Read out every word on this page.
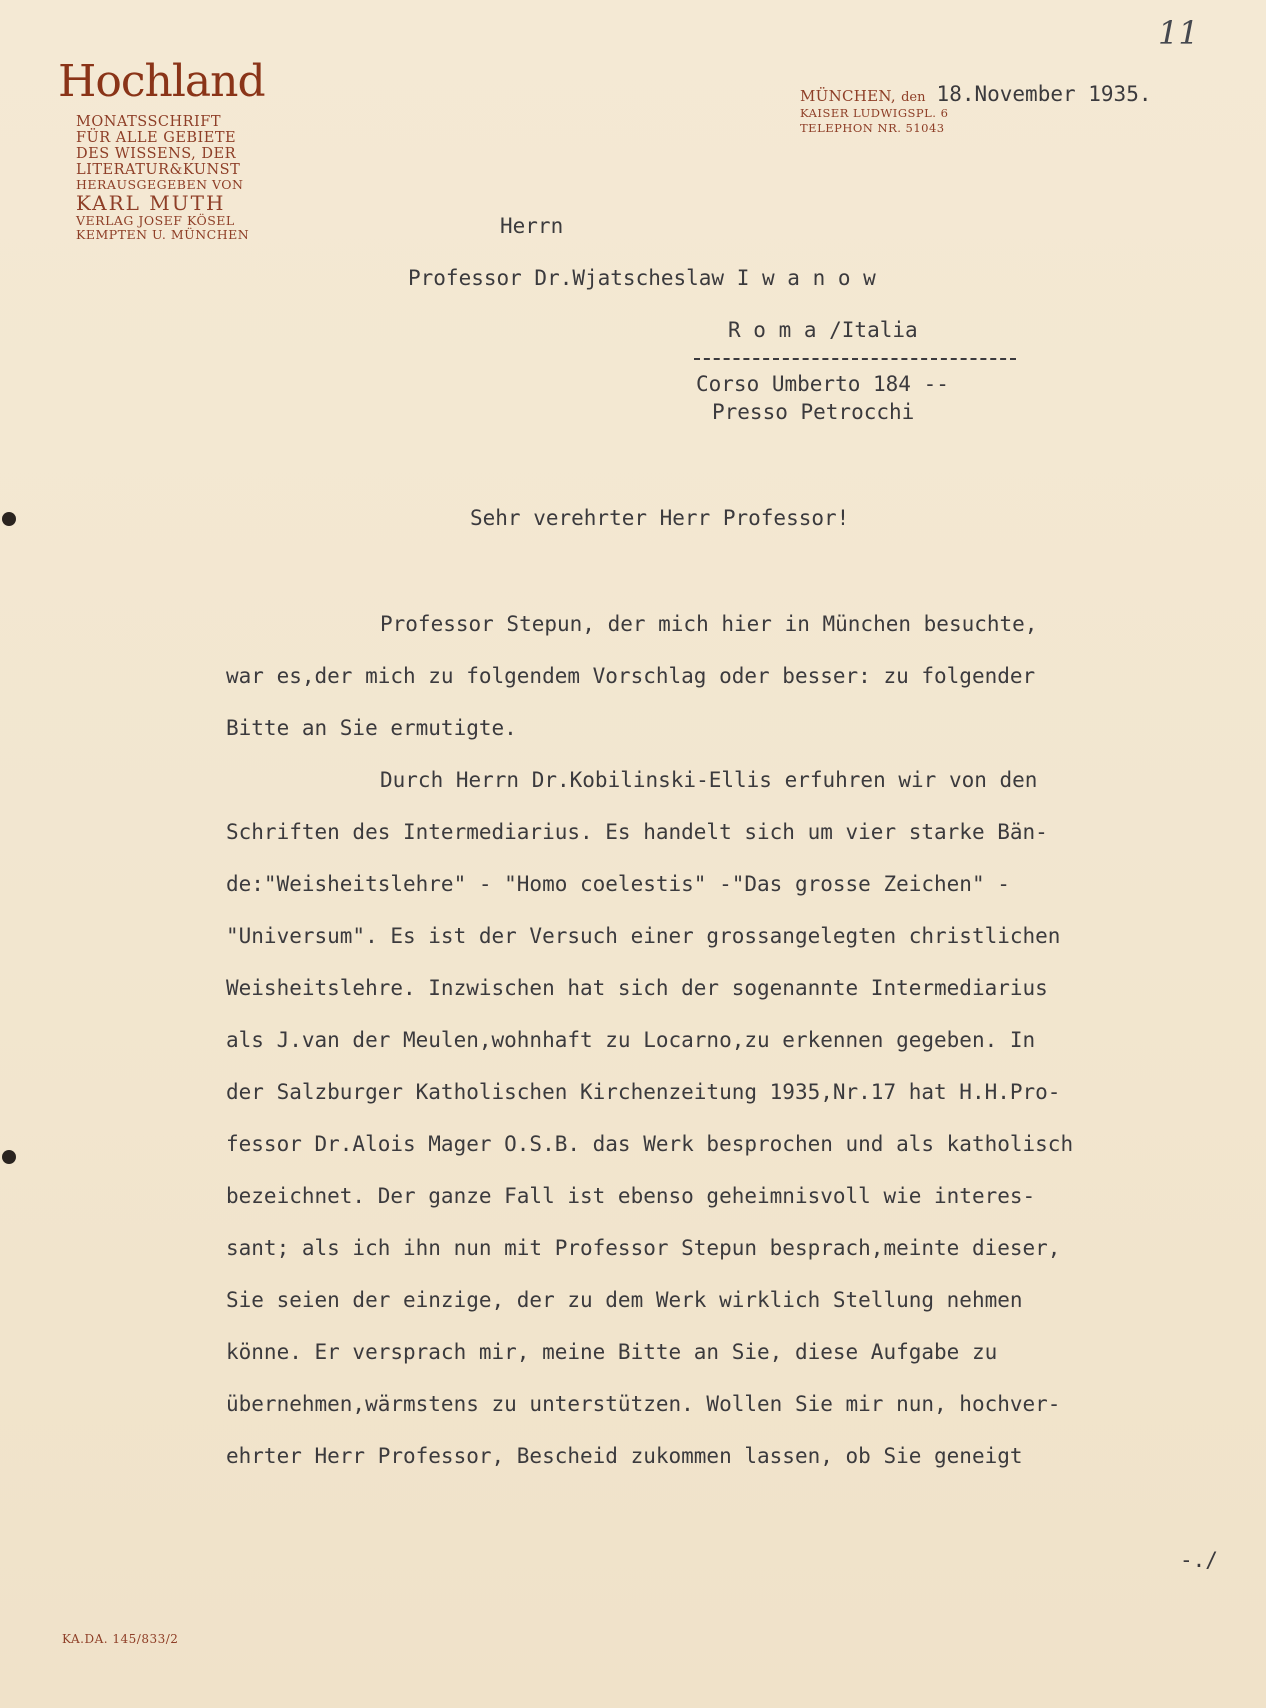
11
Hochland
MONATSSCHRIFT
FÜR ALLE GEBIETE
DES WISSENS, DER
LITERATUR&KUNST
HERAUSGEGEBEN VON
KARL MUTH
VERLAG JOSEF KÖSEL
KEMPTEN U. MÜNCHEN
MÜNCHEN, den 18.November 1935.
KAISER LUDWIGSPL. 6
TELEPHON NR. 51043
Herrn
Professor Dr.Wjatscheslaw I w a n o w
R o m a /Italia
Corso Umberto 184 --
Presso Petrocchi
Sehr verehrter Herr Professor!
Professor Stepun, der mich hier in München besuchte,
war es,der mich zu folgendem Vorschlag oder besser: zu folgender
Bitte an Sie ermutigte.
Durch Herrn Dr.Kobilinski-Ellis erfuhren wir von den
Schriften des Intermediarius. Es handelt sich um vier starke Bän-
de:"Weisheitslehre" - "Homo coelestis" -"Das grosse Zeichen" -
"Universum". Es ist der Versuch einer grossangelegten christlichen
Weisheitslehre. Inzwischen hat sich der sogenannte Intermediarius
als J.van der Meulen,wohnhaft zu Locarno,zu erkennen gegeben. In
der Salzburger Katholischen Kirchenzeitung 1935,Nr.17 hat H.H.Pro-
fessor Dr.Alois Mager O.S.B. das Werk besprochen und als katholisch
bezeichnet. Der ganze Fall ist ebenso geheimnisvoll wie interes-
sant; als ich ihn nun mit Professor Stepun besprach,meinte dieser,
Sie seien der einzige, der zu dem Werk wirklich Stellung nehmen
könne. Er versprach mir, meine Bitte an Sie, diese Aufgabe zu
übernehmen,wärmstens zu unterstützen. Wollen Sie mir nun, hochver-
ehrter Herr Professor, Bescheid zukommen lassen, ob Sie geneigt
-./
KA.DA. 145/833/2
